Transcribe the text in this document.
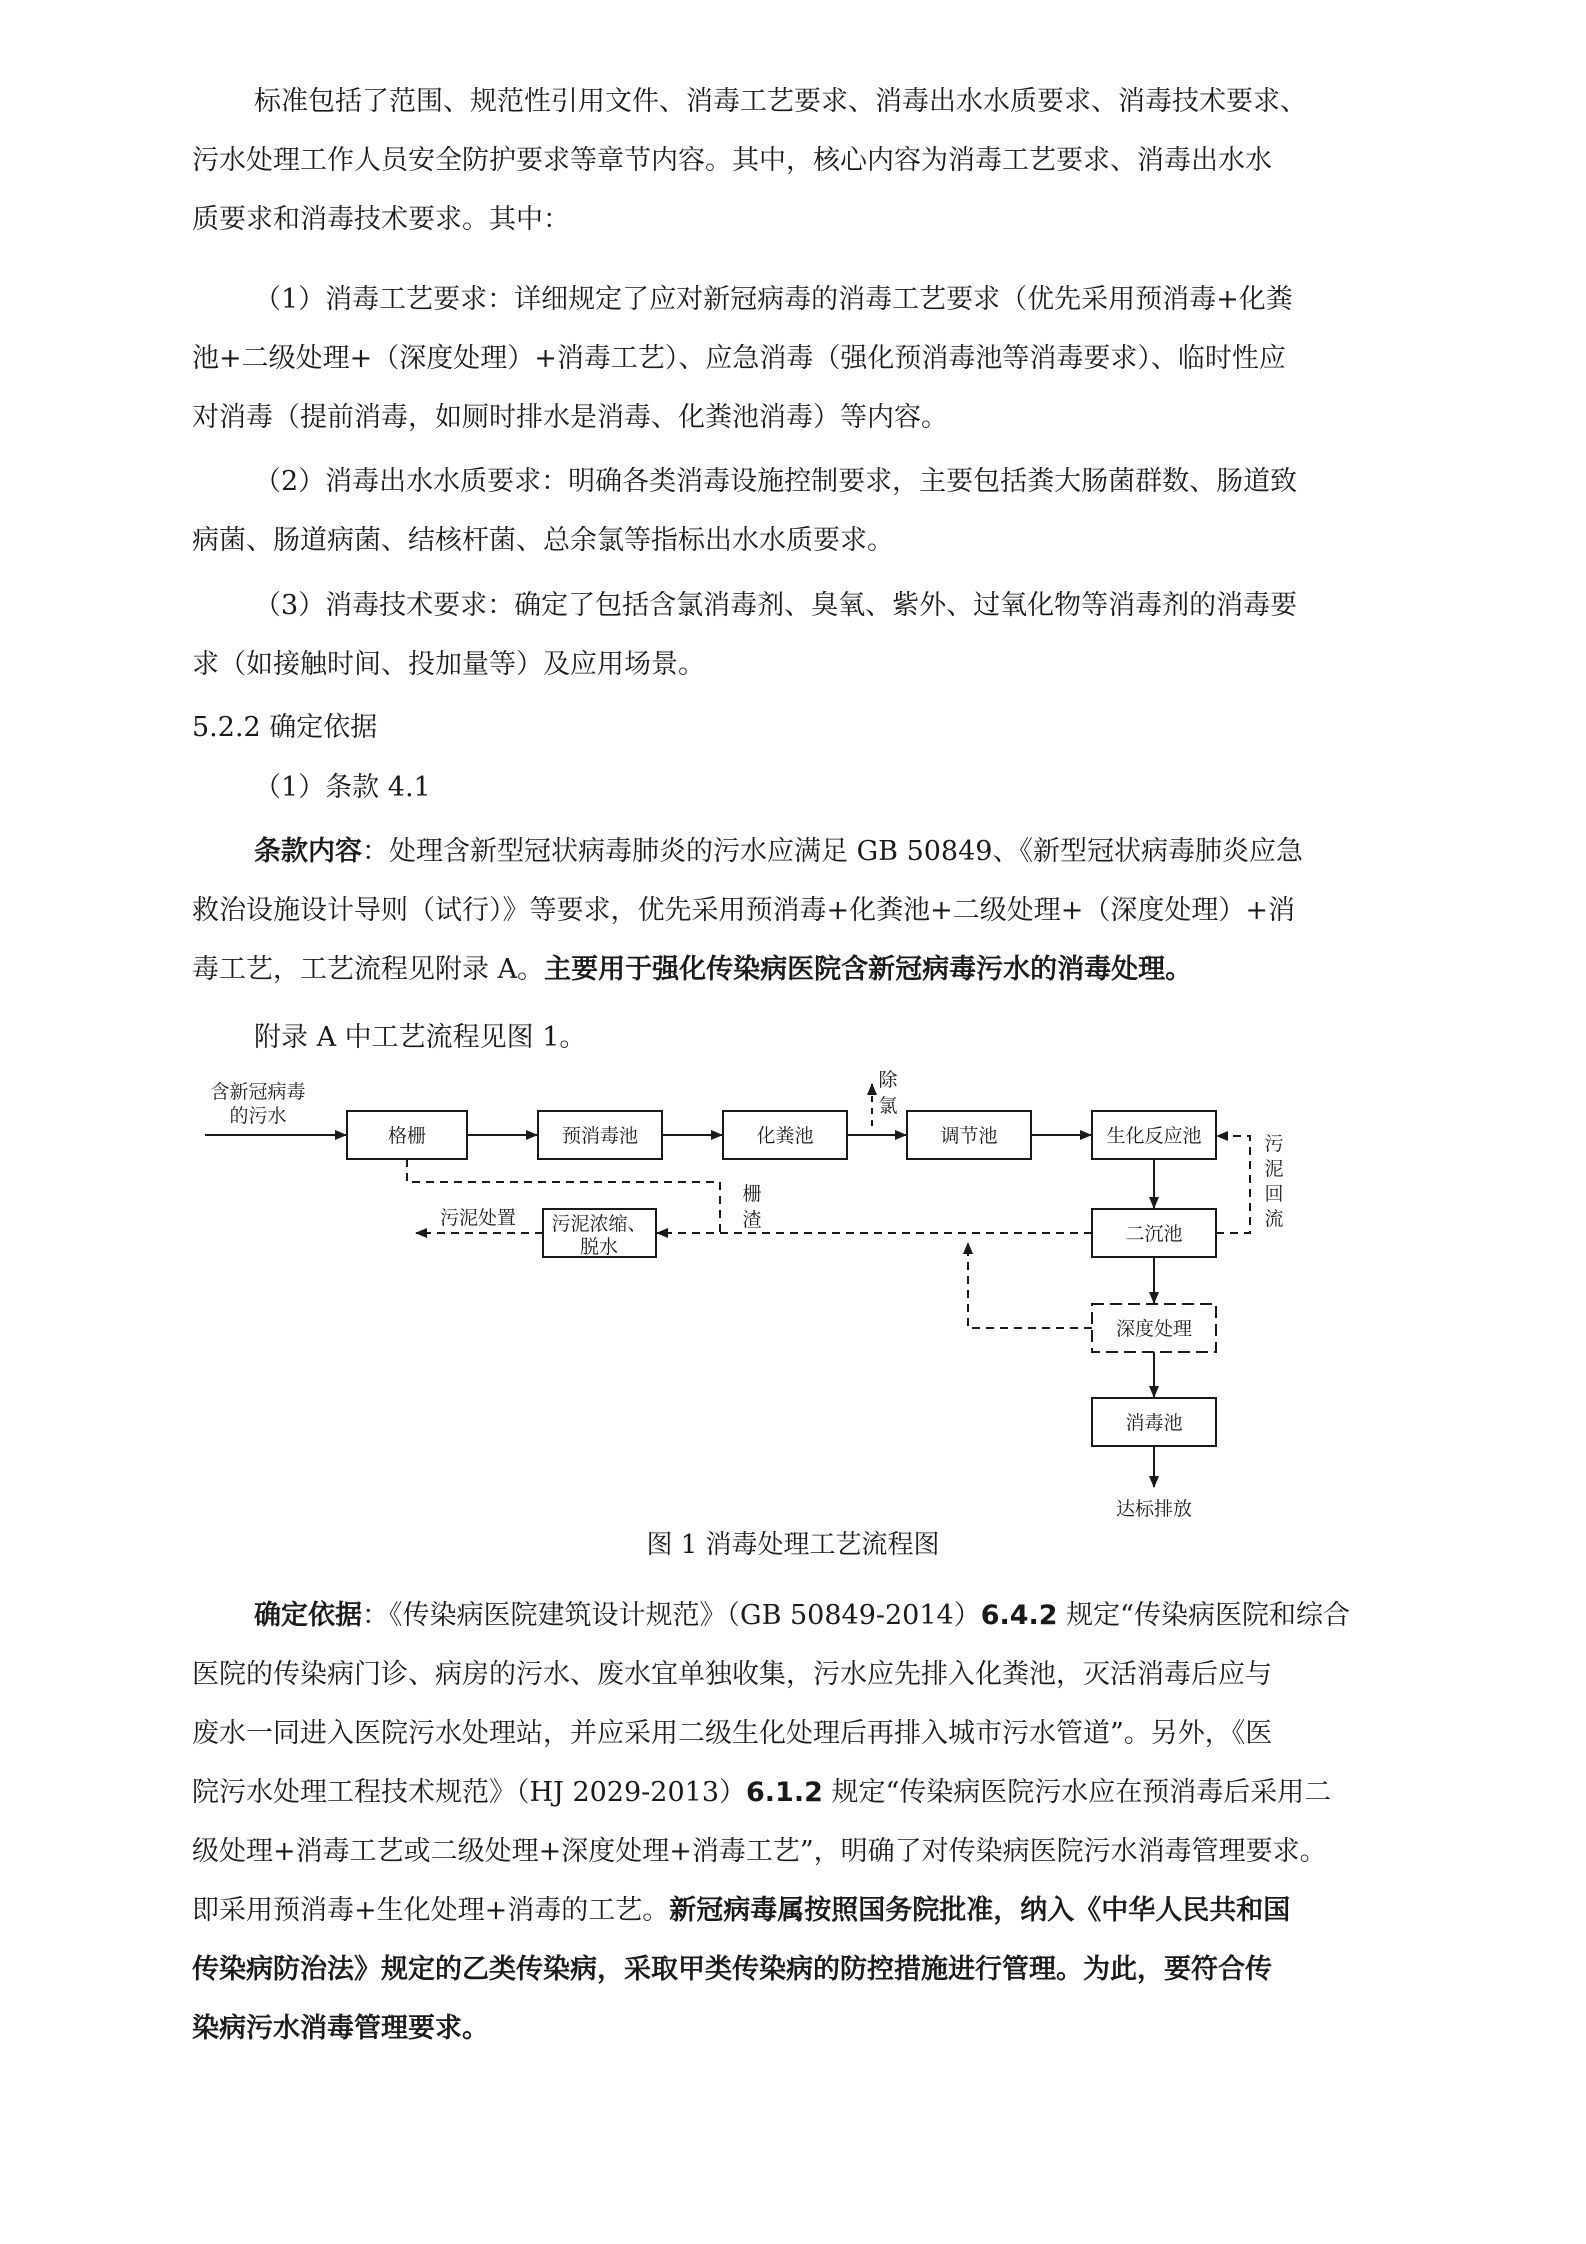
标准包括了范围、规范性引用文件、消毒工艺要求、消毒出水水质要求、消毒技术要求、
污水处理工作人员安全防护要求等章节内容。其中，核心内容为消毒工艺要求、消毒出水水
质要求和消毒技术要求。其中：
（1）消毒工艺要求：详细规定了应对新冠病毒的消毒工艺要求（优先采用预消毒+化粪
池+二级处理+（深度处理）+消毒工艺）、应急消毒（强化预消毒池等消毒要求）、临时性应
对消毒（提前消毒，如厕时排水是消毒、化粪池消毒）等内容。
（2）消毒出水水质要求：明确各类消毒设施控制要求，主要包括粪大肠菌群数、肠道致
病菌、肠道病菌、结核杆菌、总余氯等指标出水水质要求。
（3）消毒技术要求：确定了包括含氯消毒剂、臭氧、紫外、过氧化物等消毒剂的消毒要
求（如接触时间、投加量等）及应用场景。
5.2.2 确定依据
（1）条款 4.1
条款内容：处理含新型冠状病毒肺炎的污水应满足 GB 50849、《新型冠状病毒肺炎应急
救治设施设计导则（试行）》等要求，优先采用预消毒+化粪池+二级处理+（深度处理）+消
毒工艺，工艺流程见附录 A。主要用于强化传染病医院含新冠病毒污水的消毒处理。
附录 A 中工艺流程见图 1。
含新冠病毒
的污水
格栅	预消毒池	化粪池
除
氯
调节池	生化反应池
二沉池
污
泥
回
流
栅
渣
污泥浓缩、
脱水
污泥处置
深度处理
消毒池
达标排放
图 1 消毒处理工艺流程图
确定依据：《传染病医院建筑设计规范》（GB 50849-2014）6.4.2 规定“传染病医院和综合
医院的传染病门诊、病房的污水、废水宜单独收集，污水应先排入化粪池，灭活消毒后应与
废水一同进入医院污水处理站，并应采用二级生化处理后再排入城市污水管道”。另外，《医
院污水处理工程技术规范》（HJ 2029-2013）6.1.2 规定“传染病医院污水应在预消毒后采用二
级处理+消毒工艺或二级处理+深度处理+消毒工艺”，明确了对传染病医院污水消毒管理要求。
即采用预消毒+生化处理+消毒的工艺。新冠病毒属按照国务院批准，纳入《中华人民共和国
传染病防治法》规定的乙类传染病，采取甲类传染病的防控措施进行管理。为此，要符合传
染病污水消毒管理要求。
